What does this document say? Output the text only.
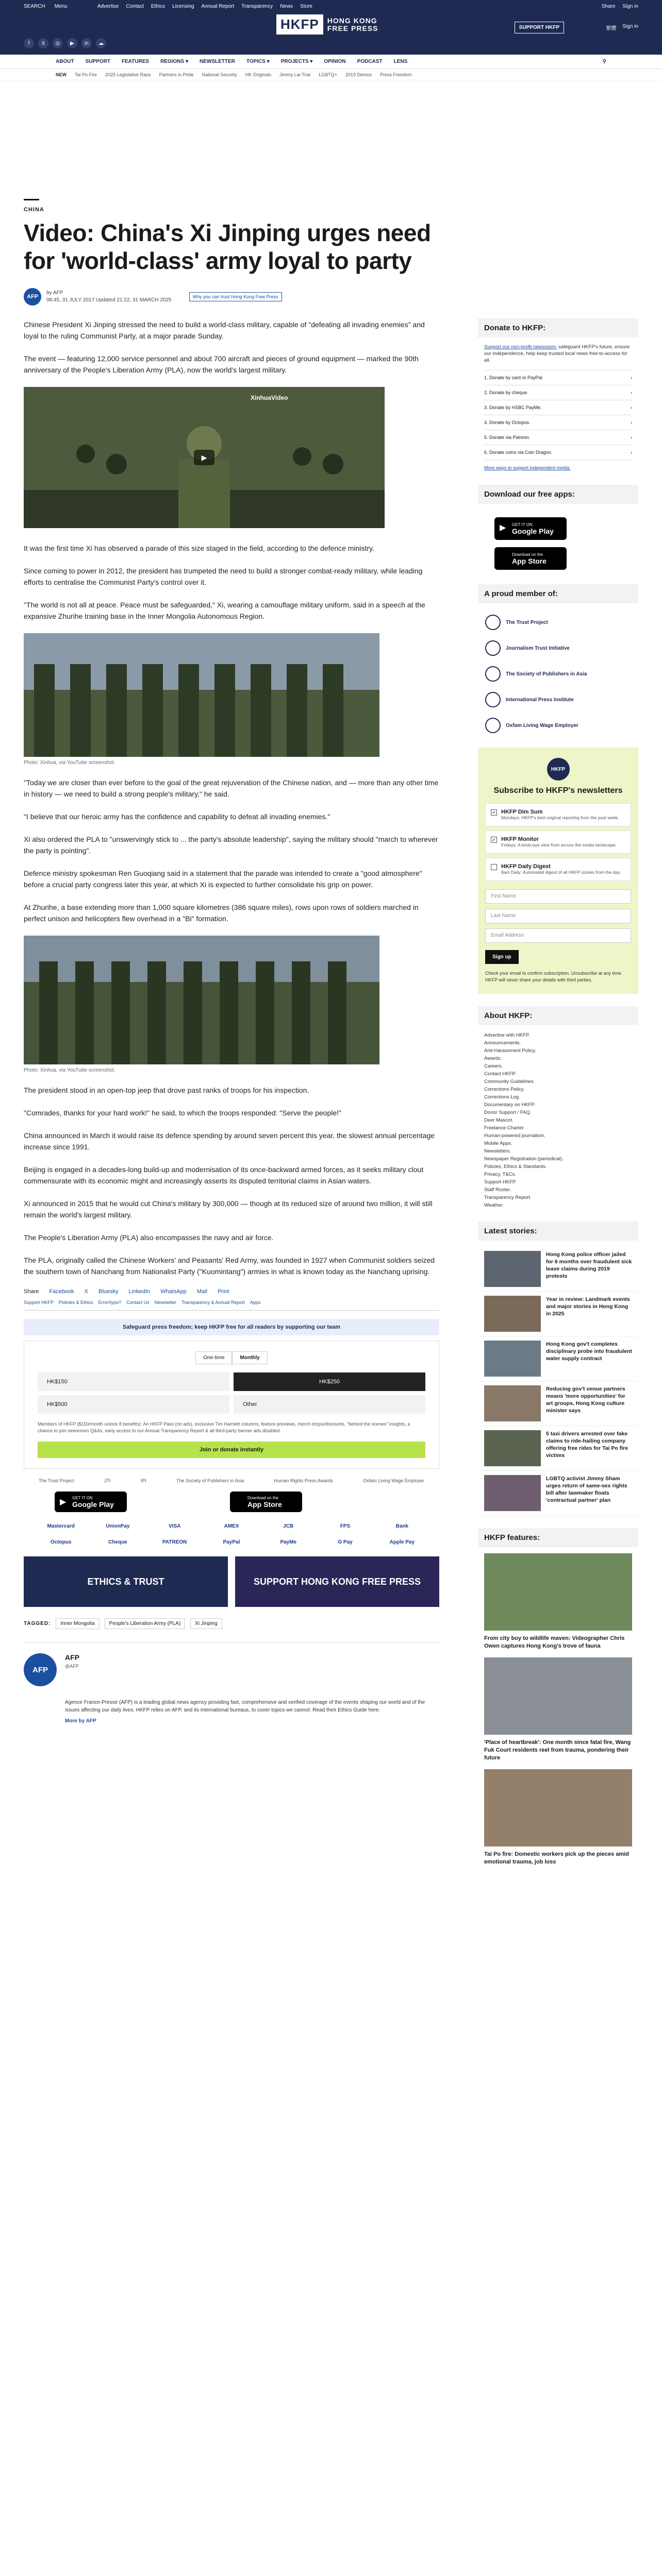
SEARCH Menu	Advertise Contact Ethics Licensing Annual Report Transparency News Store	Share Sign in
f	X	◎	▶	in	☁
HKFP	HONG KONG
FREE PRESS	SUPPORT HKFP	繁體 Sign in
ABOUT SUPPORT FEATURES REGIONS ▾ NEWSLETTER TOPICS ▾ PROJECTS ▾ OPINION PODCAST LENS	⚲
NEW Tai Po Fire 2025 Legislative Race Partners in Pride National Security HK Originals Jimmy Lai Trial LGBTQ+ 2019 Demos Press Freedom
CHINA
Video: China's Xi Jinping urges need for 'world-class' army loyal to party
AFP
by AFP
08:45, 31 JULY 2017 Updated 21:22, 31 MARCH 2025
Why you can trust Hong Kong Free Press

Chinese President Xi Jinping stressed the need to build a world-class military, capable of "defeating all invading enemies" and loyal to the ruling Communist Party, at a major parade Sunday.

The event — featuring 12,000 service personnel and about 700 aircraft and pieces of ground equipment — marked the 90th anniversary of the People's Liberation Army (PLA), now the world's largest military.

XinhuaVideo
▶

It was the first time Xi has observed a parade of this size staged in the field, according to the defence ministry.

Since coming to power in 2012, the president has trumpeted the need to build a stronger combat-ready military, while leading efforts to centralise the Communist Party's control over it.

"The world is not all at peace. Peace must be safeguarded," Xi, wearing a camouflage military uniform, said in a speech at the expansive Zhurihe training base in the Inner Mongolia Autonomous Region.

Photo: Xinhua, via YouTube screenshot.

"Today we are closer than ever before to the goal of the great rejuvenation of the Chinese nation, and — more than any other time in history — we need to build a strong people's military," he said.

"I believe that our heroic army has the confidence and capability to defeat all invading enemies."

Xi also ordered the PLA to "unswervingly stick to ... the party's absolute leadership", saying the military should "march to wherever the party is pointing".

Defence ministry spokesman Ren Guoqiang said in a statement that the parade was intended to create a "good atmosphere" before a crucial party congress later this year, at which Xi is expected to further consolidate his grip on power.

At Zhurihe, a base extending more than 1,000 square kilometres (386 square miles), rows upon rows of soldiers marched in perfect unison and helicopters flew overhead in a "Bi" formation.

Photo: Xinhua, via YouTube screenshot.

The president stood in an open-top jeep that drove past ranks of troops for his inspection.

"Comrades, thanks for your hard work!" he said, to which the troops responded: "Serve the people!"

China announced in March it would raise its defence spending by around seven percent this year, the slowest annual percentage increase since 1991.

Beijing is engaged in a decades-long build-up and modernisation of its once-backward armed forces, as it seeks military clout commensurate with its economic might and increasingly asserts its disputed territorial claims in Asian waters.

Xi announced in 2015 that he would cut China's military by 300,000 — though at its reduced size of around two million, it will still remain the world's largest military.

The People's Liberation Army (PLA) also encompasses the navy and air force.

The PLA, originally called the Chinese Workers' and Peasants' Red Army, was founded in 1927 when Communist soldiers seized the southern town of Nanchang from Nationalist Party ("Kuomintang") armies in what is known today as the Nanchang uprising.

Share Facebook X Bluesky LinkedIn WhatsApp Mail Print
Support HKFP Policies & Ethics Error/typo? Contact Us Newsletter Transparency & Annual Report Apps
Safeguard press freedom; keep HKFP free for all readers by supporting our team
One-time	Monthly
HK$150	HK$250
HK$500	Other
Members of HKFP ($150/month unlock 8 benefits): An HKFP Pass (no ads), exclusive Tim Hamlett columns, feature previews, merch drops/discounts, "behind the scenes" insights, a chance to join newsroom Q&As, early access to our Annual Transparency Report & all third-party banner ads disabled.
Join or donate instantly
The Trust Project	JTI	IPI	The Society of Publishers in Asia	Human Rights Press Awards	Oxfam Living Wage Employer
▶ GET IT ON
Google Play
Download on the
App Store
Mastercard	UnionPay	VISA	AMEX	JCB	FPS	Bank
Octopus	Cheque	PATREON	PayPal	PayMe	G Pay	Apple Pay
ETHICS & TRUST	SUPPORT HONG KONG FREE PRESS
TAGGED:	Inner Mongolia	People's Liberation Army (PLA)	Xi Jinping
AFP
AFP
@AFP

Agence France-Presse (AFP) is a leading global news agency providing fast, comprehensive and verified coverage of the events shaping our world and of the issues affecting our daily lives. HKFP relies on AFP, and its international bureaus, to cover topics we cannot. Read their Ethics Guide here.

More by AFP
Donate to HKFP:
Support our non-profit newsroom: safeguard HKFP's future, ensure our independence, help keep trusted local news free-to-access for all.
1. Donate by card or PayPal.	›
2. Donate by cheque.	›
3. Donate by HSBC PayMe.	›
4. Donate by Octopus.	›
5. Donate via Patreon.	›
6. Donate coins via Coin Dragon.	›
More ways to support independent media.
Download our free apps:
▶ GET IT ON
Google Play
Download on the
App Store
A proud member of:
The Trust Project
Journalism Trust Initiative
The Society of Publishers in Asia
International Press Institute
Oxfam Living Wage Employer
HKFP
Subscribe to HKFP's newsletters
✔ HKFP Dim Sum
Mondays: HKFP's best original reporting from the past week.
✔ HKFP Monitor
Fridays: A birds-eye view from across the media landscape.
HKFP Daily Digest
8am Daily: Automated digest of all HKFP stories from the day.
First Name
Last Name
Email Address
Sign up
Check your email to confirm subscription. Unsubscribe at any time. HKFP will never share your details with third parties.
About HKFP:
Advertise with HKFP.
Announcements.
Anti-Harassment Policy.
Awards.
Careers.
Contact HKFP.
Community Guidelines.
Corrections Policy.
Corrections Log.
Documentary on HKFP.
Donor Support / FAQ.
Deer Mascot.
Freelance Charter.
Human-powered journalism.
Mobile Apps.
Newsletters.
Newspaper Registration (periodical).
Policies, Ethics & Standards.
Privacy, T&Cs.
Support HKFP.
Staff Roster.
Transparency Report.
Weather.
Latest stories:
Hong Kong police officer jailed for 6 months over fraudulent sick leave claims during 2019 protests
Year in review: Landmark events and major stories in Hong Kong in 2025
Hong Kong gov't completes disciplinary probe into fraudulent water supply contract
Reducing gov't venue partners means 'more opportunities' for art groups, Hong Kong culture minister says
5 taxi drivers arrested over fake claims to ride-hailing company offering free rides for Tai Po fire victims
LGBTQ activist Jimmy Sham urges return of same-sex rights bill after lawmaker floats 'contractual partner' plan
HKFP features:
From city boy to wildlife maven: Videographer Chris Owen captures Hong Kong's trove of fauna
'Place of heartbreak': One month since fatal fire, Wang Fuk Court residents reel from trauma, pondering their future
Tai Po fire: Domestic workers pick up the pieces amid emotional trauma, job loss
